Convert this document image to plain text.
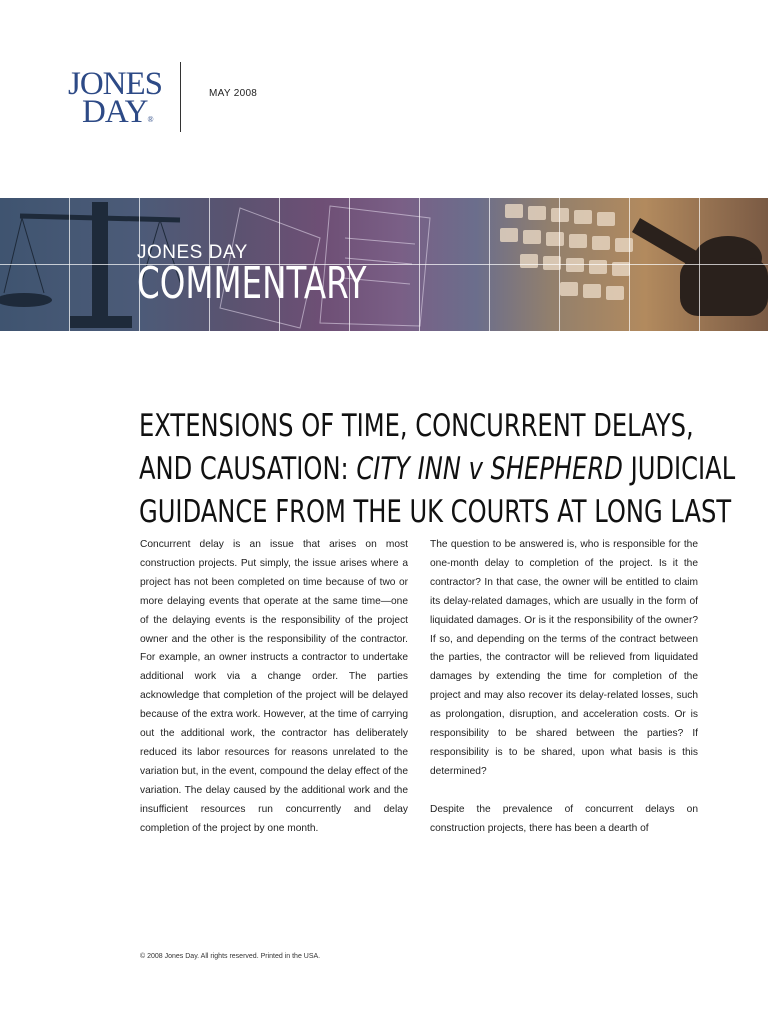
JONES
DAY®
MAY 2008
JONES DAY
COMMENTARY
EXTENSIONS OF TIME, CONCURRENT DELAYS,
AND CAUSATION: CITY INN v SHEPHERD JUDICIAL
GUIDANCE FROM THE UK COURTS AT LONG LAST

Concurrent delay is an issue that arises on most construction projects. Put simply, the issue arises where a project has not been completed on time because of two or more delaying events that operate at the same time—one of the delaying events is the responsibility of the project owner and the other is the responsibility of the contractor. For example, an owner instructs a contractor to undertake additional work via a change order. The parties acknowledge that completion of the project will be delayed because of the extra work. However, at the time of carrying out the additional work, the contractor has deliberately reduced its labor resources for reasons unrelated to the variation but, in the event, compound the delay effect of the variation. The delay caused by the additional work and the insufficient resources run concurrently and delay completion of the project by one month.

The question to be answered is, who is responsible for the one-month delay to completion of the project. Is it the contractor? In that case, the owner will be entitled to claim its delay-related damages, which are usually in the form of liquidated damages. Or is it the responsibility of the owner? If so, and depending on the terms of the contract between the parties, the contractor will be relieved from liquidated damages by extending the time for completion of the project and may also recover its delay-related losses, such as prolongation, disruption, and acceleration costs. Or is responsibility to be shared between the parties? If responsibility is to be shared, upon what basis is this determined?

Despite the prevalence of concurrent delays on construction projects, there has been a dearth of

© 2008 Jones Day. All rights reserved. Printed in the USA.
